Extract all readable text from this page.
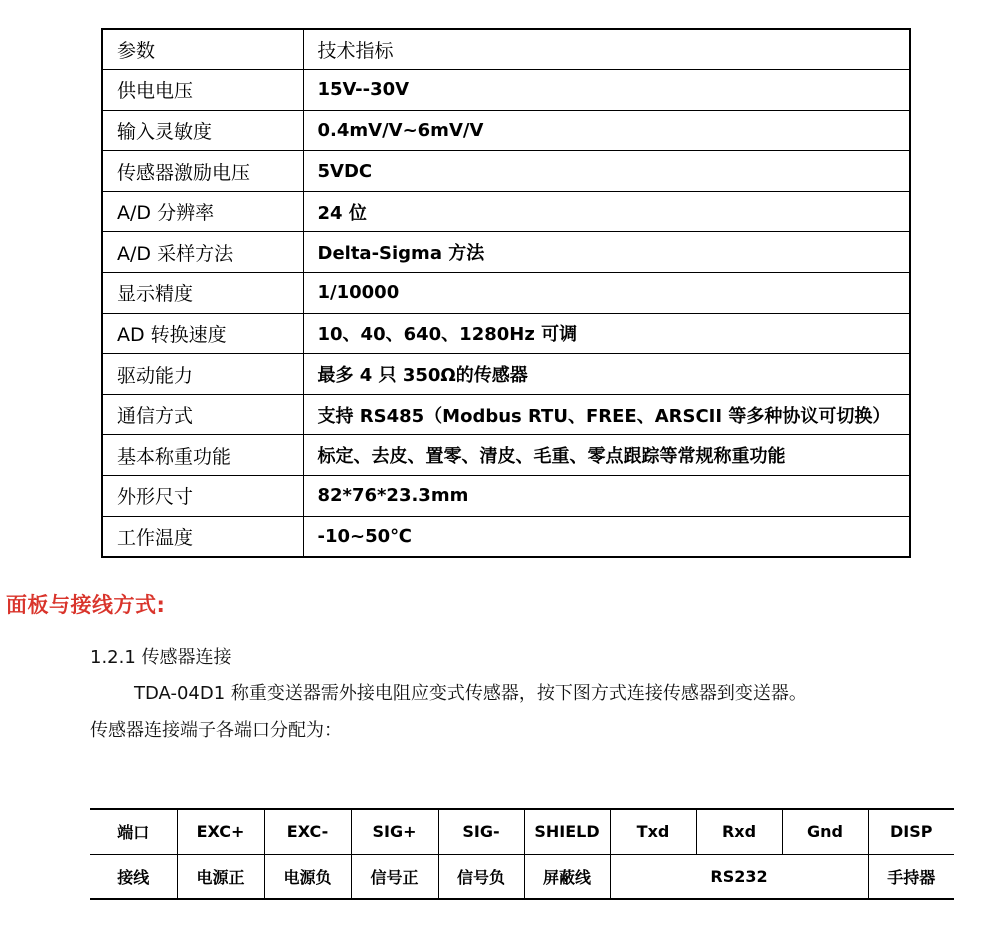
参数	技术指标
供电电压	15V--30V
输入灵敏度	0.4mV/V~6mV/V
传感器激励电压	5VDC
A/D 分辨率	24 位
A/D 采样方法	Delta-Sigma 方法
显示精度	1/10000
AD 转换速度	10、40、640、1280Hz 可调
驱动能力	最多 4 只 350Ω的传感器
通信方式	支持 RS485（Modbus RTU、FREE、ARSCII 等多种协议可切换）
基本称重功能	标定、去皮、置零、清皮、毛重、零点跟踪等常规称重功能
外形尺寸	82*76*23.3mm
工作温度	-10~50℃
面板与接线方式:
1.2.1 传感器连接
TDA-04D1 称重变送器需外接电阻应变式传感器，按下图方式连接传感器到变送器。
传感器连接端子各端口分配为：
端口	EXC+	EXC-	SIG+	SIG-	SHIELD	Txd	Rxd	Gnd	DISP
接线	电源正	电源负	信号正	信号负	屏蔽线	RS232			手持器
